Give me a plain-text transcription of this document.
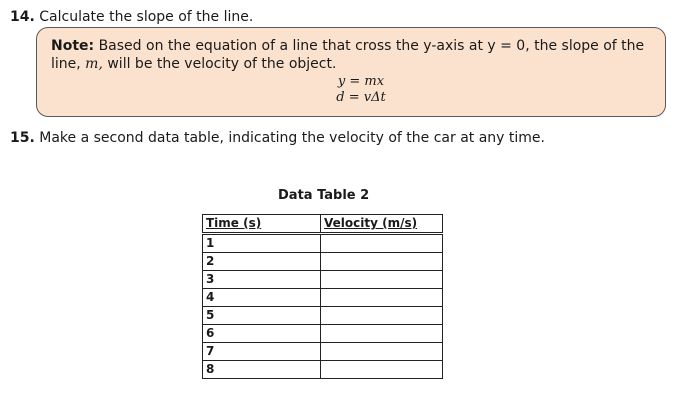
14. Calculate the slope of the line.
Note: Based on the equation of a line that cross the y-axis at y = 0, the slope of the
line, m, will be the velocity of the object.
y = mx
d = vΔt
15. Make a second data table, indicating the velocity of the car at any time.
Data Table 2
Time (s)	Velocity (m/s)
1	
2	
3	
4	
5	
6	
7	
8	
